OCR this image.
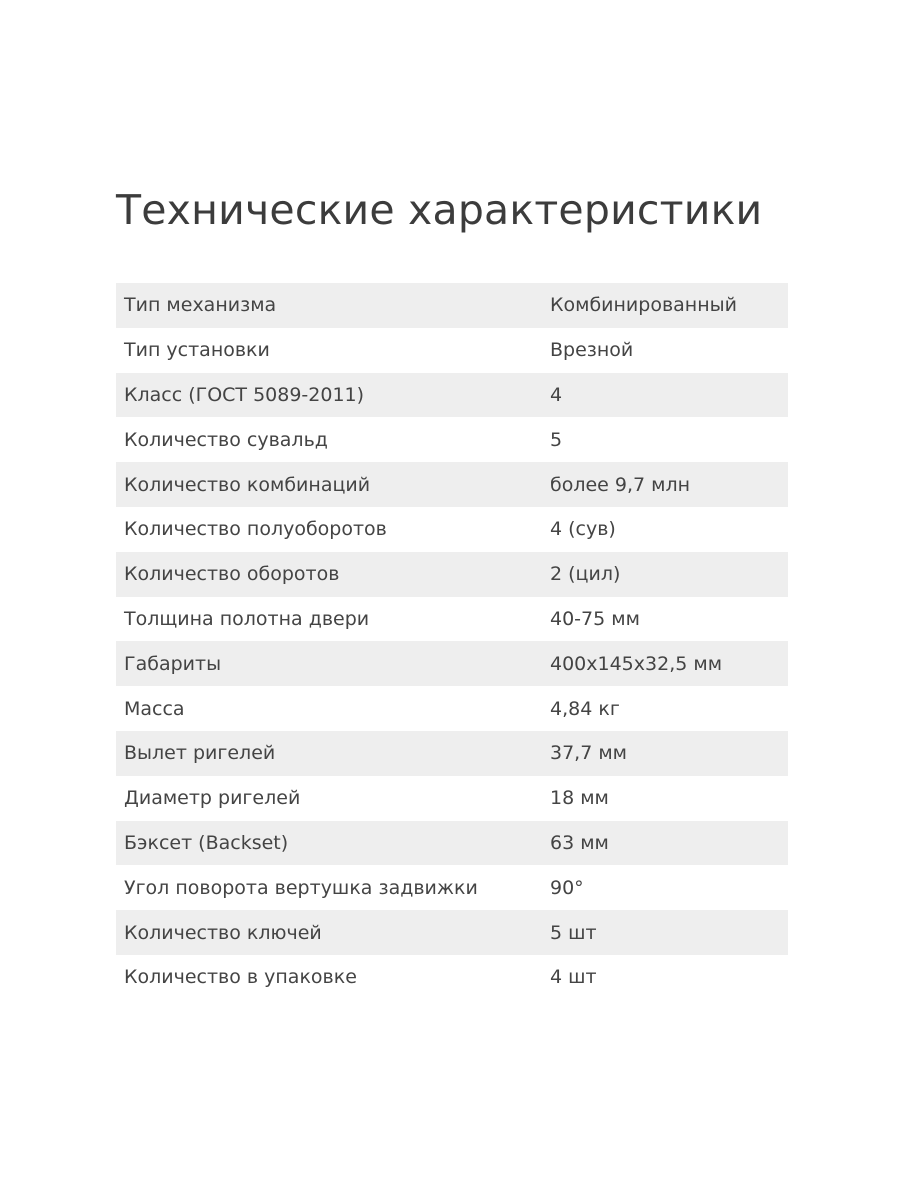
Технические характеристики
Тип механизма	Комбинированный
Тип установки	Врезной
Класс (ГОСТ 5089-2011)	4
Количество сувальд	5
Количество комбинаций	более 9,7 млн
Количество полуоборотов	4 (сув)
Количество оборотов	2 (цил)
Толщина полотна двери	40-75 мм
Габариты	400х145х32,5 мм
Масса	4,84 кг
Вылет ригелей	37,7 мм
Диаметр ригелей	18 мм
Бэксет (Backset)	63 мм
Угол поворота вертушка задвижки	90°
Количество ключей	5 шт
Количество в упаковке	4 шт
